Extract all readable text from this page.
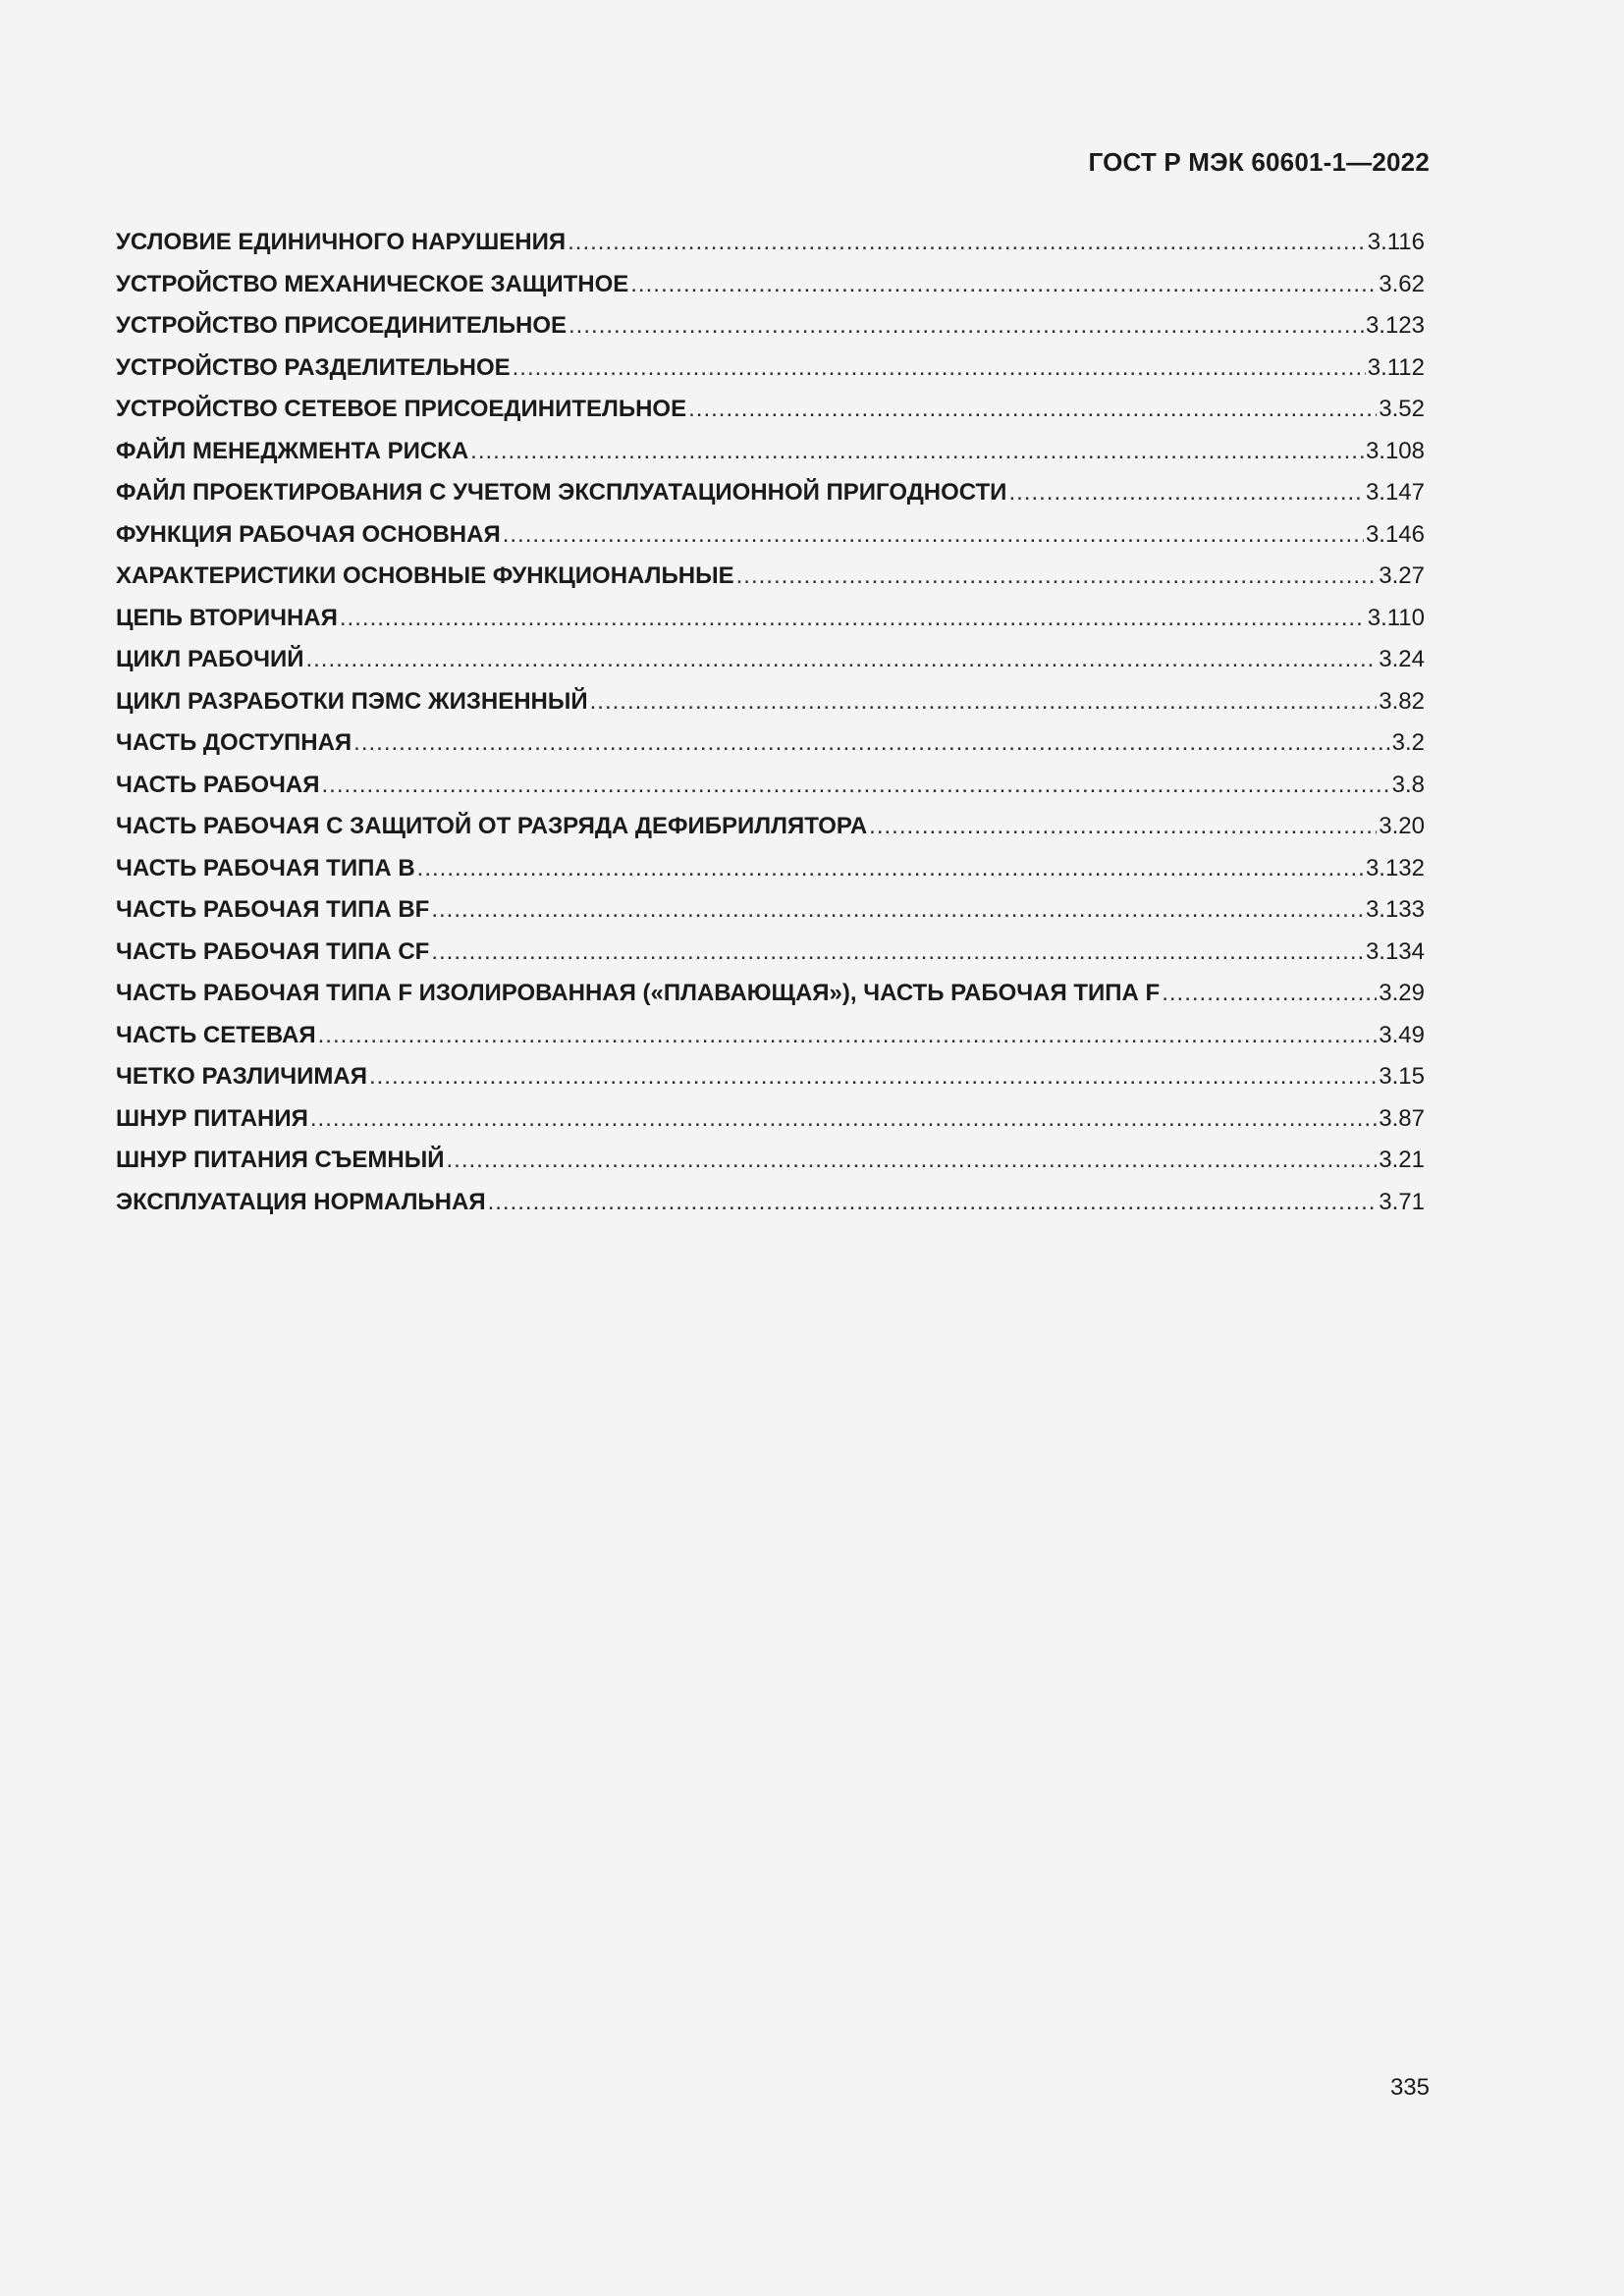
ГОСТ Р МЭК 60601-1—2022
УСЛОВИЕ ЕДИНИЧНОГО НАРУШЕНИЯ .....	3.116
УСТРОЙСТВО МЕХАНИЧЕСКОЕ ЗАЩИТНОЕ .....	3.62
УСТРОЙСТВО ПРИСОЕДИНИТЕЛЬНОЕ .....	3.123
УСТРОЙСТВО РАЗДЕЛИТЕЛЬНОЕ .....	3.112
УСТРОЙСТВО СЕТЕВОЕ ПРИСОЕДИНИТЕЛЬНОЕ .....	3.52
ФАЙЛ МЕНЕДЖМЕНТА РИСКА .....	3.108
ФАЙЛ ПРОЕКТИРОВАНИЯ С УЧЕТОМ ЭКСПЛУАТАЦИОННОЙ ПРИГОДНОСТИ .....	3.147
ФУНКЦИЯ РАБОЧАЯ ОСНОВНАЯ .....	3.146
ХАРАКТЕРИСТИКИ ОСНОВНЫЕ ФУНКЦИОНАЛЬНЫЕ .....	3.27
ЦЕПЬ ВТОРИЧНАЯ .....	3.110
ЦИКЛ РАБОЧИЙ .....	3.24
ЦИКЛ РАЗРАБОТКИ ПЭМС ЖИЗНЕННЫЙ .....	3.82
ЧАСТЬ ДОСТУПНАЯ .....	3.2
ЧАСТЬ РАБОЧАЯ .....	3.8
ЧАСТЬ РАБОЧАЯ С ЗАЩИТОЙ ОТ РАЗРЯДА ДЕФИБРИЛЛЯТОРА .....	3.20
ЧАСТЬ РАБОЧАЯ ТИПА В .....	3.132
ЧАСТЬ РАБОЧАЯ ТИПА BF .....	3.133
ЧАСТЬ РАБОЧАЯ ТИПА CF .....	3.134
ЧАСТЬ РАБОЧАЯ ТИПА F ИЗОЛИРОВАННАЯ («ПЛАВАЮЩАЯ»), ЧАСТЬ РАБОЧАЯ ТИПА F .....	3.29
ЧАСТЬ СЕТЕВАЯ .....	3.49
ЧЕТКО РАЗЛИЧИМАЯ .....	3.15
ШНУР ПИТАНИЯ .....	3.87
ШНУР ПИТАНИЯ СЪЕМНЫЙ .....	3.21
ЭКСПЛУАТАЦИЯ НОРМАЛЬНАЯ .....	3.71
335
